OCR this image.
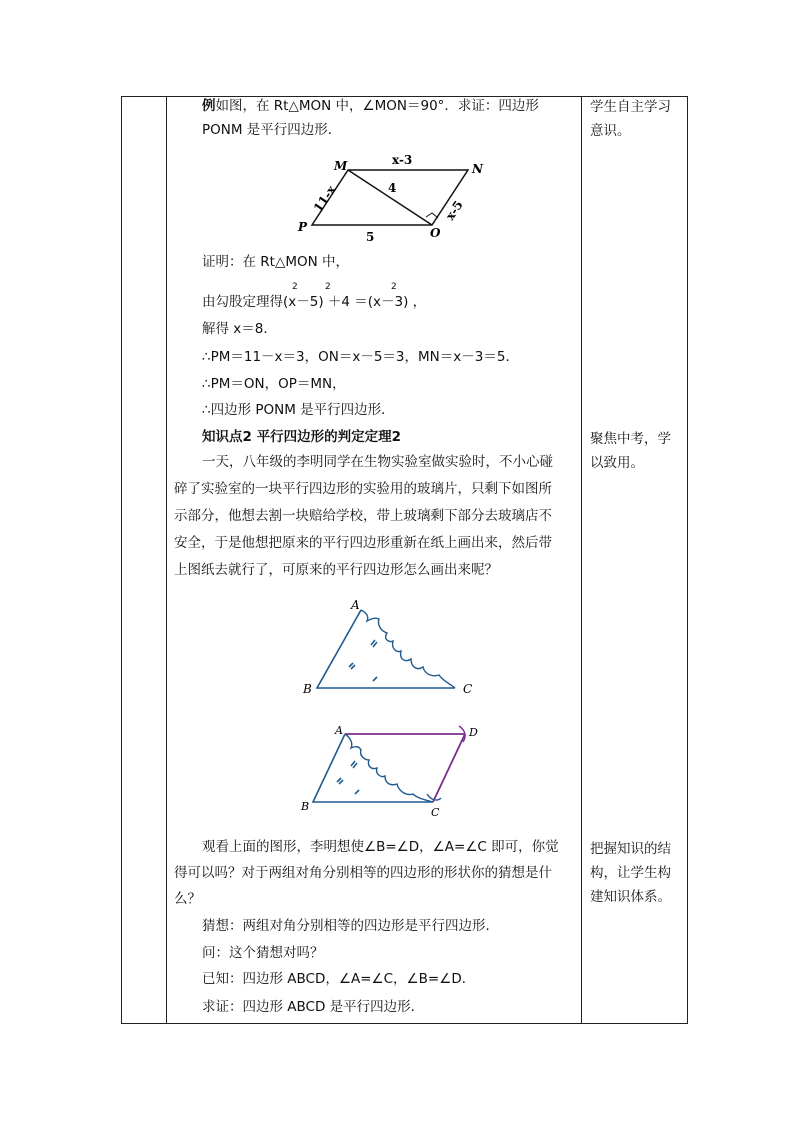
例如图，在 Rt△MON 中，∠MON＝90°．求证：四边形
PONM 是平行四边形．
M	N
O
P
x-3
4
11-x	x-5
5
证明：在 Rt△MON 中，
由勾股定理得(x－5) ＋4 ＝(x－3) ，
2	2	2
解得 x＝8．
∴PM＝11－x＝3，ON＝x－5＝3，MN＝x－3＝5．
∴PM＝ON，OP＝MN，
∴四边形 PONM 是平行四边形．
知识点2 平行四边形的判定定理2
一天，八年级的李明同学在生物实验室做实验时，不小心碰
碎了实验室的一块平行四边形的实验用的玻璃片，只剩下如图所
示部分，他想去割一块赔给学校，带上玻璃剩下部分去玻璃店不
安全，于是他想把原来的平行四边形重新在纸上画出来，然后带
上图纸去就行了，可原来的平行四边形怎么画出来呢？
A
B	C
A
B	C
D
观看上面的图形，李明想使∠B=∠D，∠A=∠C 即可，你觉
得可以吗？对于两组对角分别相等的四边形的形状你的猜想是什
么？
猜想：两组对角分别相等的四边形是平行四边形．
问：这个猜想对吗？
已知：四边形 ABCD，∠A=∠C，∠B=∠D．
求证：四边形 ABCD 是平行四边形．
学生自主学习
意识。
聚焦中考，学
以致用。
把握知识的结
构，让学生构
建知识体系。
